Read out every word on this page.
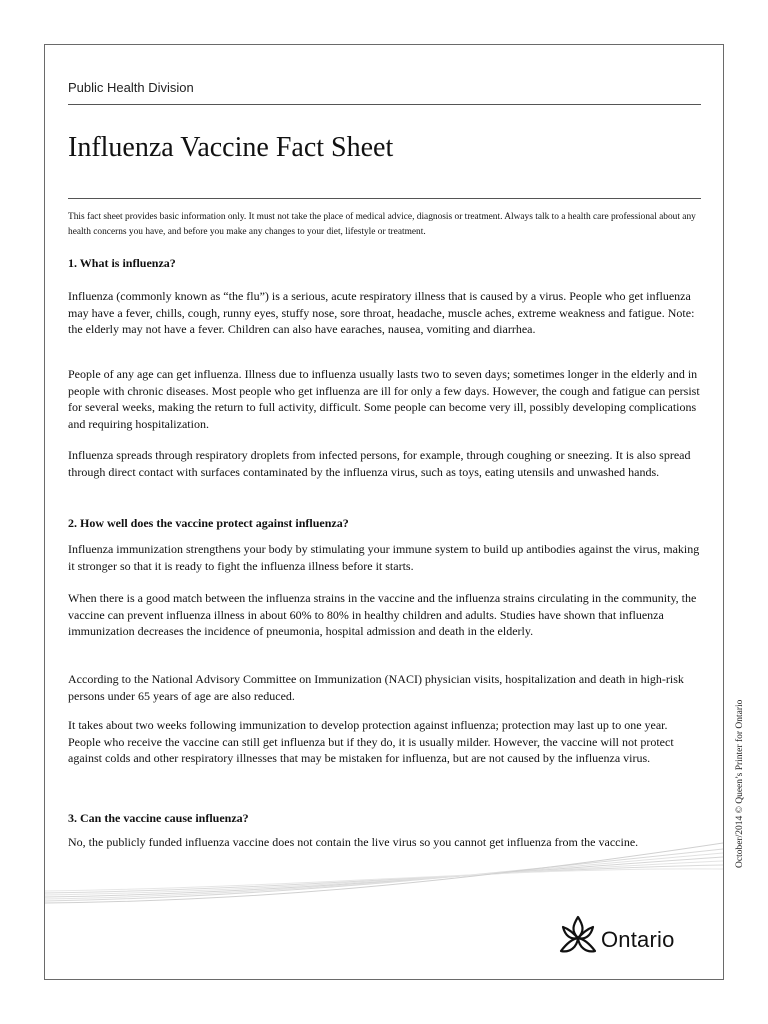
Public Health Division
Influenza Vaccine Fact Sheet

This fact sheet provides basic information only. It must not take the place of medical advice, diagnosis or treatment. Always talk to a health care professional about any health concerns you have, and before you make any changes to your diet, lifestyle or treatment.

1. What is influenza?

Influenza (commonly known as “the flu”) is a serious, acute respiratory illness that is caused by a virus. People who get influenza may have a fever, chills, cough, runny eyes, stuffy nose, sore throat, headache, muscle aches, extreme weakness and fatigue. Note: the elderly may not have a fever. Children can also have earaches, nausea, vomiting and diarrhea.

People of any age can get influenza. Illness due to influenza usually lasts two to seven days; sometimes longer in the elderly and in people with chronic diseases. Most people who get influenza are ill for only a few days. However, the cough and fatigue can persist for several weeks, making the return to full activity, difficult. Some people can become very ill, possibly developing complications and requiring hospitalization.

Influenza spreads through respiratory droplets from infected persons, for example, through coughing or sneezing. It is also spread through direct contact with surfaces contaminated by the influenza virus, such as toys, eating utensils and unwashed hands.

2. How well does the vaccine protect against influenza?

Influenza immunization strengthens your body by stimulating your immune system to build up antibodies against the virus, making it stronger so that it is ready to fight the influenza illness before it starts.

When there is a good match between the influenza strains in the vaccine and the influenza strains circulating in the community, the vaccine can prevent influenza illness in about 60% to 80% in healthy children and adults. Studies have shown that influenza immunization decreases the incidence of pneumonia, hospital admission and death in the elderly.

According to the National Advisory Committee on Immunization (NACI) physician visits, hospitalization and death in high-risk persons under 65 years of age are also reduced.

It takes about two weeks following immunization to develop protection against influenza; protection may last up to one year. People who receive the vaccine can still get influenza but if they do, it is usually milder. However, the vaccine will not protect against colds and other respiratory illnesses that may be mistaken for influenza, but are not caused by the influenza virus.

3. Can the vaccine cause influenza?

No, the publicly funded influenza vaccine does not contain the live virus so you cannot get influenza from the vaccine.

Ontario
October/2014 © Queen’s Printer for Ontario
